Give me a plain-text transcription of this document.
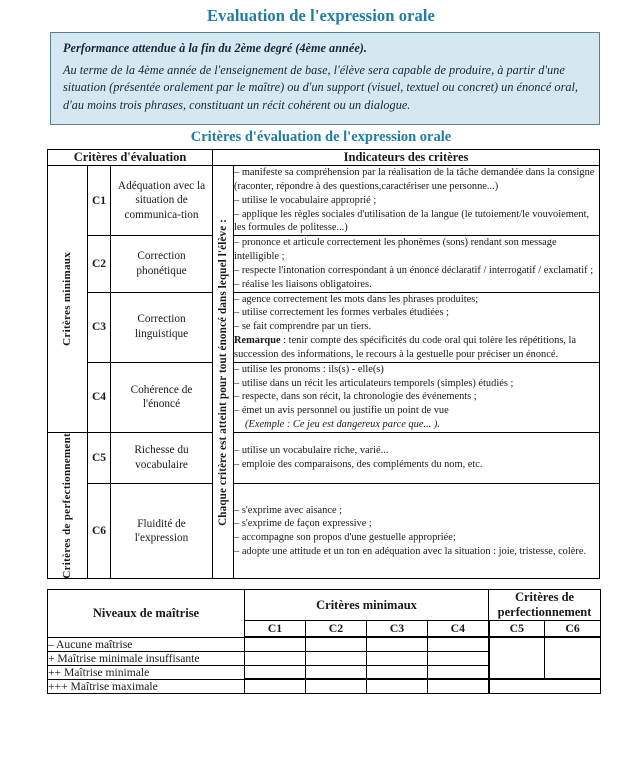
Evaluation de l'expression orale
Performance attendue à la fin du 2ème degré (4ème année).
Au terme de la 4ème année de l'enseignement de base, l'élève sera capable de produire, à partir d'une situation (présentée oralement par le maître) ou d'un support (visuel, textuel ou concret) un énoncé oral, d'au moins trois phrases, constituant un récit cohérent ou un dialogue.
Critères d'évaluation de l'expression orale
Critères d'évaluation			Indicateurs des critères	

Critères minimaux	C1	Adéquation avec la situation de communica-tion	Chaque critère est atteint pour tout énoncé dans lequel l'élève :	– manifeste sa compréhension par la réalisation de la tâche demandée dans la consigne (raconter, répondre à des questions,caractériser une personne...)

– utilise le vocabulaire approprié ;

– applique les règles sociales d'utilisation de la langue (le tutoiement/le vouvoiement, les formules de politesse...)

	C2	Correction phonétique		– prononce et articule correctement les phonèmes (sons) rendant son message intelligible ;

– respecte l'intonation correspondant à un énoncé déclaratif / interrogatif / exclamatif ;

– réalise les liaisons obligatoires.

	C3	Correction linguistique		– agence correctement les mots dans les phrases produites;

– utilise correctement les formes verbales étudiées ;

– se fait comprendre par un tiers.

Remarque : tenir compte des spécificités du code oral qui tolère les répétitions, la succession des informations, le recours à la gestuelle pour préciser un énoncé.

	C4	Cohérence de l'énoncé		– utilise les pronoms : ils(s) - elle(s)

– utilise dans un récit les articulateurs temporels (simples) étudiés ;

– respecte, dans son récit, la chronologie des événements ;

– émet un avis personnel ou justifie un point de vue

(Exemple : Ce jeu est dangereux parce que... ).

Critères de perfectionnement	C5	Richesse du vocabulaire		– utilise un vocabulaire riche, varié...

– emploie des comparaisons, des compléments du nom, etc.

	C6	Fluidité de l'expression		– s'exprime avec aisance ;

– s'exprime de façon expressive ;

– accompagne son propos d'une gestuelle appropriée;

– adopte une attitude et un ton en adéquation avec la situation : joie, tristesse, colère.

Niveaux de maîtrise	Critères minimaux				Critères de perfectionnement	
	C1	C2	C3	C4	C5	C6
– Aucune maîtrise						
+ Maîtrise minimale insuffisante						
++ Maîtrise minimale						
+++ Maîtrise maximale						
